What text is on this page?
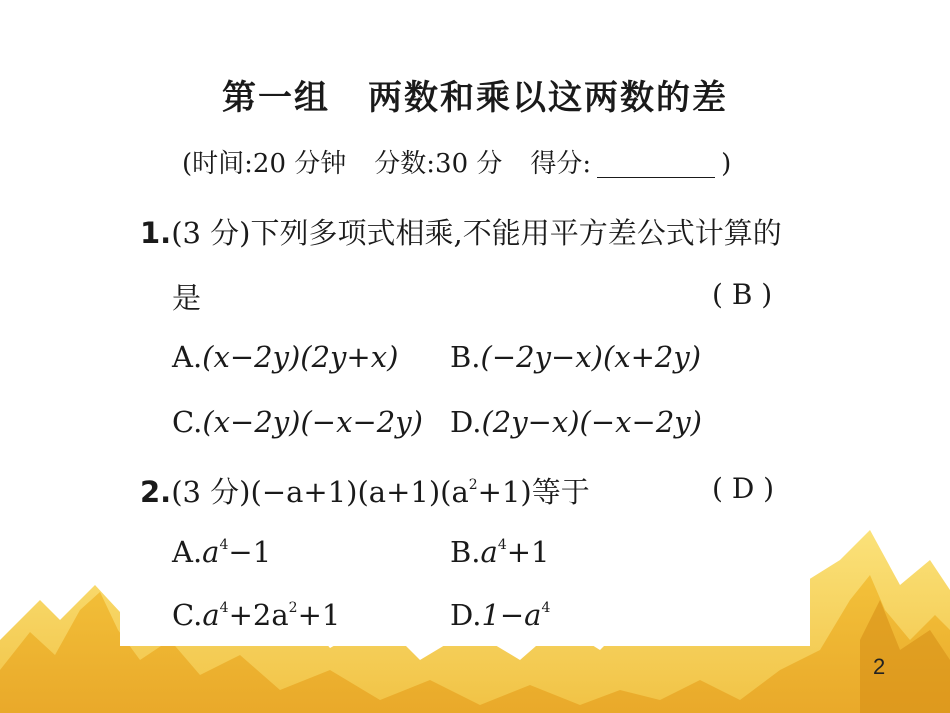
第一组 两数和乘以这两数的差
(时间:20 分钟 分数:30 分 得分:	)
1.(3 分)下列多项式相乘,不能用平方差公式计算的
是	( B )
A.(x−2y)(2y+x) B.(−2y−x)(x+2y)
C.(x−2y)(−x−2y) D.(2y−x)(−x−2y)
2.(3 分)$(-a+1)(a+1)(a^2+1)$等于	( D )
$A.a^4-1$	$B.a^4+1$
$C.a^4+2a^2+1$	$D.1-a^4$
2
